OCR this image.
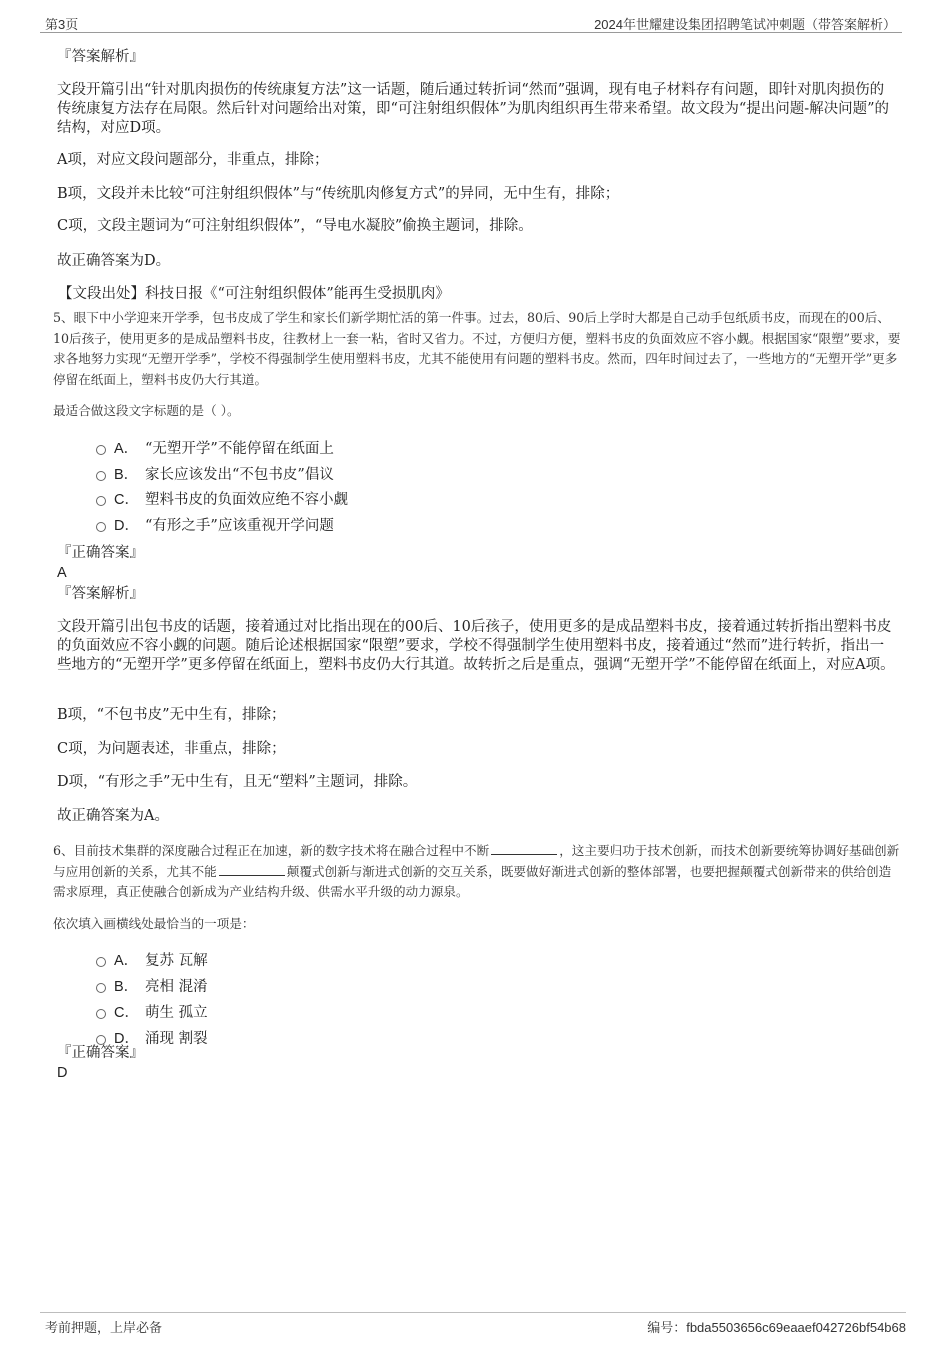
第3页	2024年世耀建设集团招聘笔试冲刺题（带答案解析）
『答案解析』
文段开篇引出“针对肌肉损伤的传统康复方法”这一话题，随后通过转折词“然而”强调，现有电子材料存有问题，即针对肌肉损伤的传统康复方法存在局限。然后针对问题给出对策，即“可注射组织假体”为肌肉组织再生带来希望。故文段为“提出问题-解决问题”的结构，对应D项。
A项，对应文段问题部分，非重点，排除；
B项，文段并未比较“可注射组织假体”与“传统肌肉修复方式”的异同，无中生有，排除；
C项，文段主题词为“可注射组织假体”，“导电水凝胶”偷换主题词，排除。
故正确答案为D。
【文段出处】科技日报《“可注射组织假体”能再生受损肌肉》
5、眼下中小学迎来开学季，包书皮成了学生和家长们新学期忙活的第一件事。过去，80后、90后上学时大都是自己动手包纸质书皮，而现在的00后、10后孩子，使用更多的是成品塑料书皮，往教材上一套一粘，省时又省力。不过，方便归方便，塑料书皮的负面效应不容小觑。根据国家“限塑”要求，要求各地努力实现“无塑开学季”，学校不得强制学生使用塑料书皮，尤其不能使用有问题的塑料书皮。然而，四年时间过去了，一些地方的“无塑开学”更多停留在纸面上，塑料书皮仍大行其道。
最适合做这段文字标题的是（ ）。
A． “无塑开学”不能停留在纸面上
B． 家长应该发出“不包书皮”倡议
C． 塑料书皮的负面效应绝不容小觑
D． “有形之手”应该重视开学问题
『正确答案』
A
『答案解析』
文段开篇引出包书皮的话题，接着通过对比指出现在的00后、10后孩子，使用更多的是成品塑料书皮，接着通过转折指出塑料书皮的负面效应不容小觑的问题。随后论述根据国家“限塑”要求，学校不得强制学生使用塑料书皮，接着通过“然而”进行转折，指出一些地方的“无塑开学”更多停留在纸面上，塑料书皮仍大行其道。故转折之后是重点，强调“无塑开学”不能停留在纸面上，对应A项。
B项，“不包书皮”无中生有，排除；
C项，为问题表述，非重点，排除；
D项，“有形之手”无中生有，且无“塑料”主题词，排除。
故正确答案为A。
6、目前技术集群的深度融合过程正在加速，新的数字技术将在融合过程中不断	，这主要归功于技术创新，而技术创新要统筹协调好基础创新与应用创新的关系，尤其不能	颠覆式创新与渐进式创新的交互关系，既要做好渐进式创新的整体部署，也要把握颠覆式创新带来的供给创造需求原理，真正使融合创新成为产业结构升级、供需水平升级的动力源泉。
依次填入画横线处最恰当的一项是：
A． 复苏 瓦解
B． 亮相 混淆
C． 萌生 孤立
D． 涌现 割裂
『正确答案』
D
考前押题，上岸必备	编号：fbda5503656c69eaaef042726bf54b68
